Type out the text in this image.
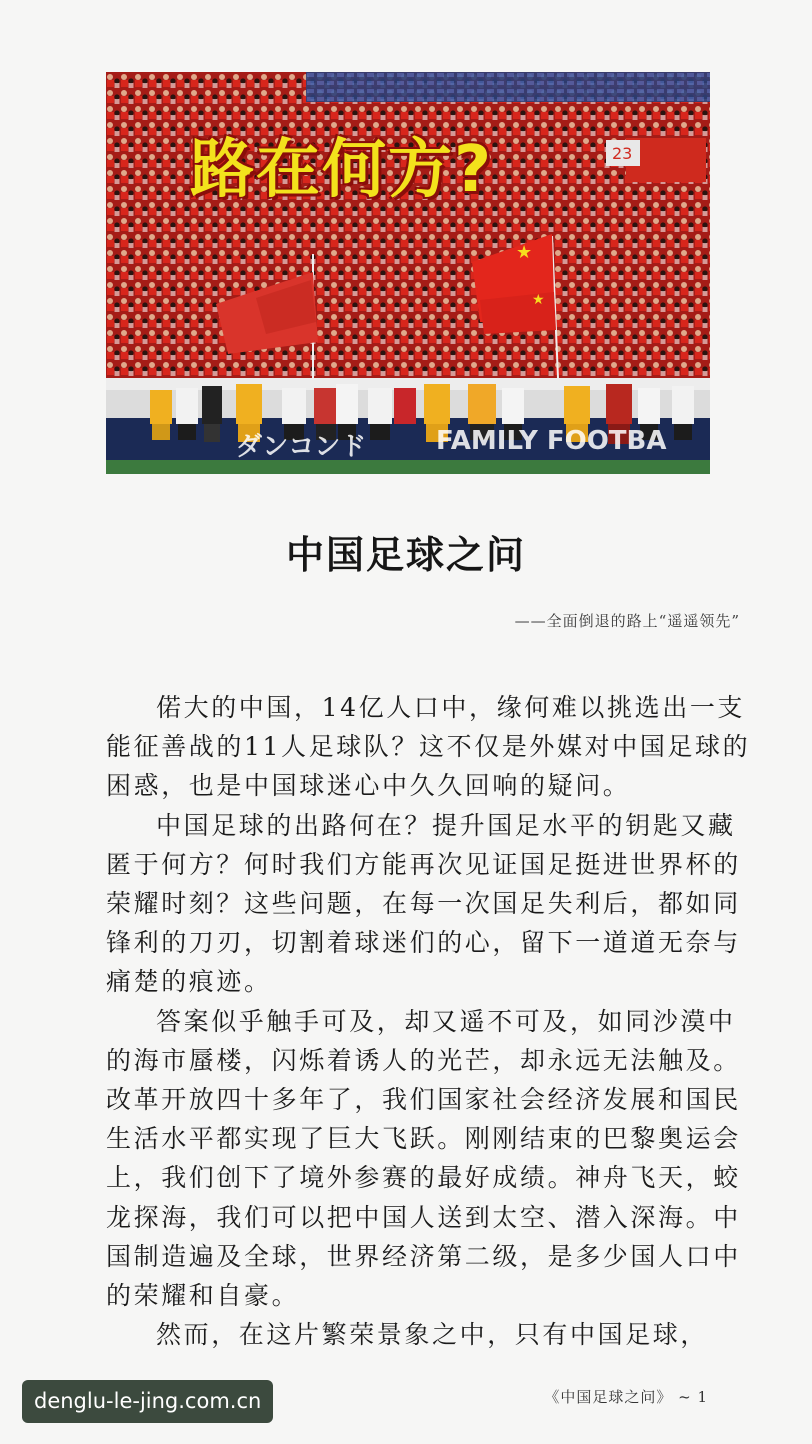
23
★
★
ダンコンド	FAMILY FOOTBA
路在何方?
中国足球之问
——全面倒退的路上“遥遥领先”

偌大的中国，14亿人口中，缘何难以挑选出一支能征善战的11人足球队？这不仅是外媒对中国足球的困惑，也是中国球迷心中久久回响的疑问。

中国足球的出路何在？提升国足水平的钥匙又藏匿于何方？何时我们方能再次见证国足挺进世界杯的荣耀时刻？这些问题，在每一次国足失利后，都如同锋利的刀刃，切割着球迷们的心，留下一道道无奈与痛楚的痕迹。

答案似乎触手可及，却又遥不可及，如同沙漠中的海市蜃楼，闪烁着诱人的光芒，却永远无法触及。改革开放四十多年了，我们国家社会经济发展和国民生活水平都实现了巨大飞跃。刚刚结束的巴黎奥运会上，我们创下了境外参赛的最好成绩。神舟飞天，蛟龙探海，我们可以把中国人送到太空、潜入深海。中国制造遍及全球，世界经济第二级，是多少国人口中的荣耀和自豪。

然而，在这片繁荣景象之中，只有中国足球，

《中国足球之问》 ~ 1
denglu-le-jing.com.cn
